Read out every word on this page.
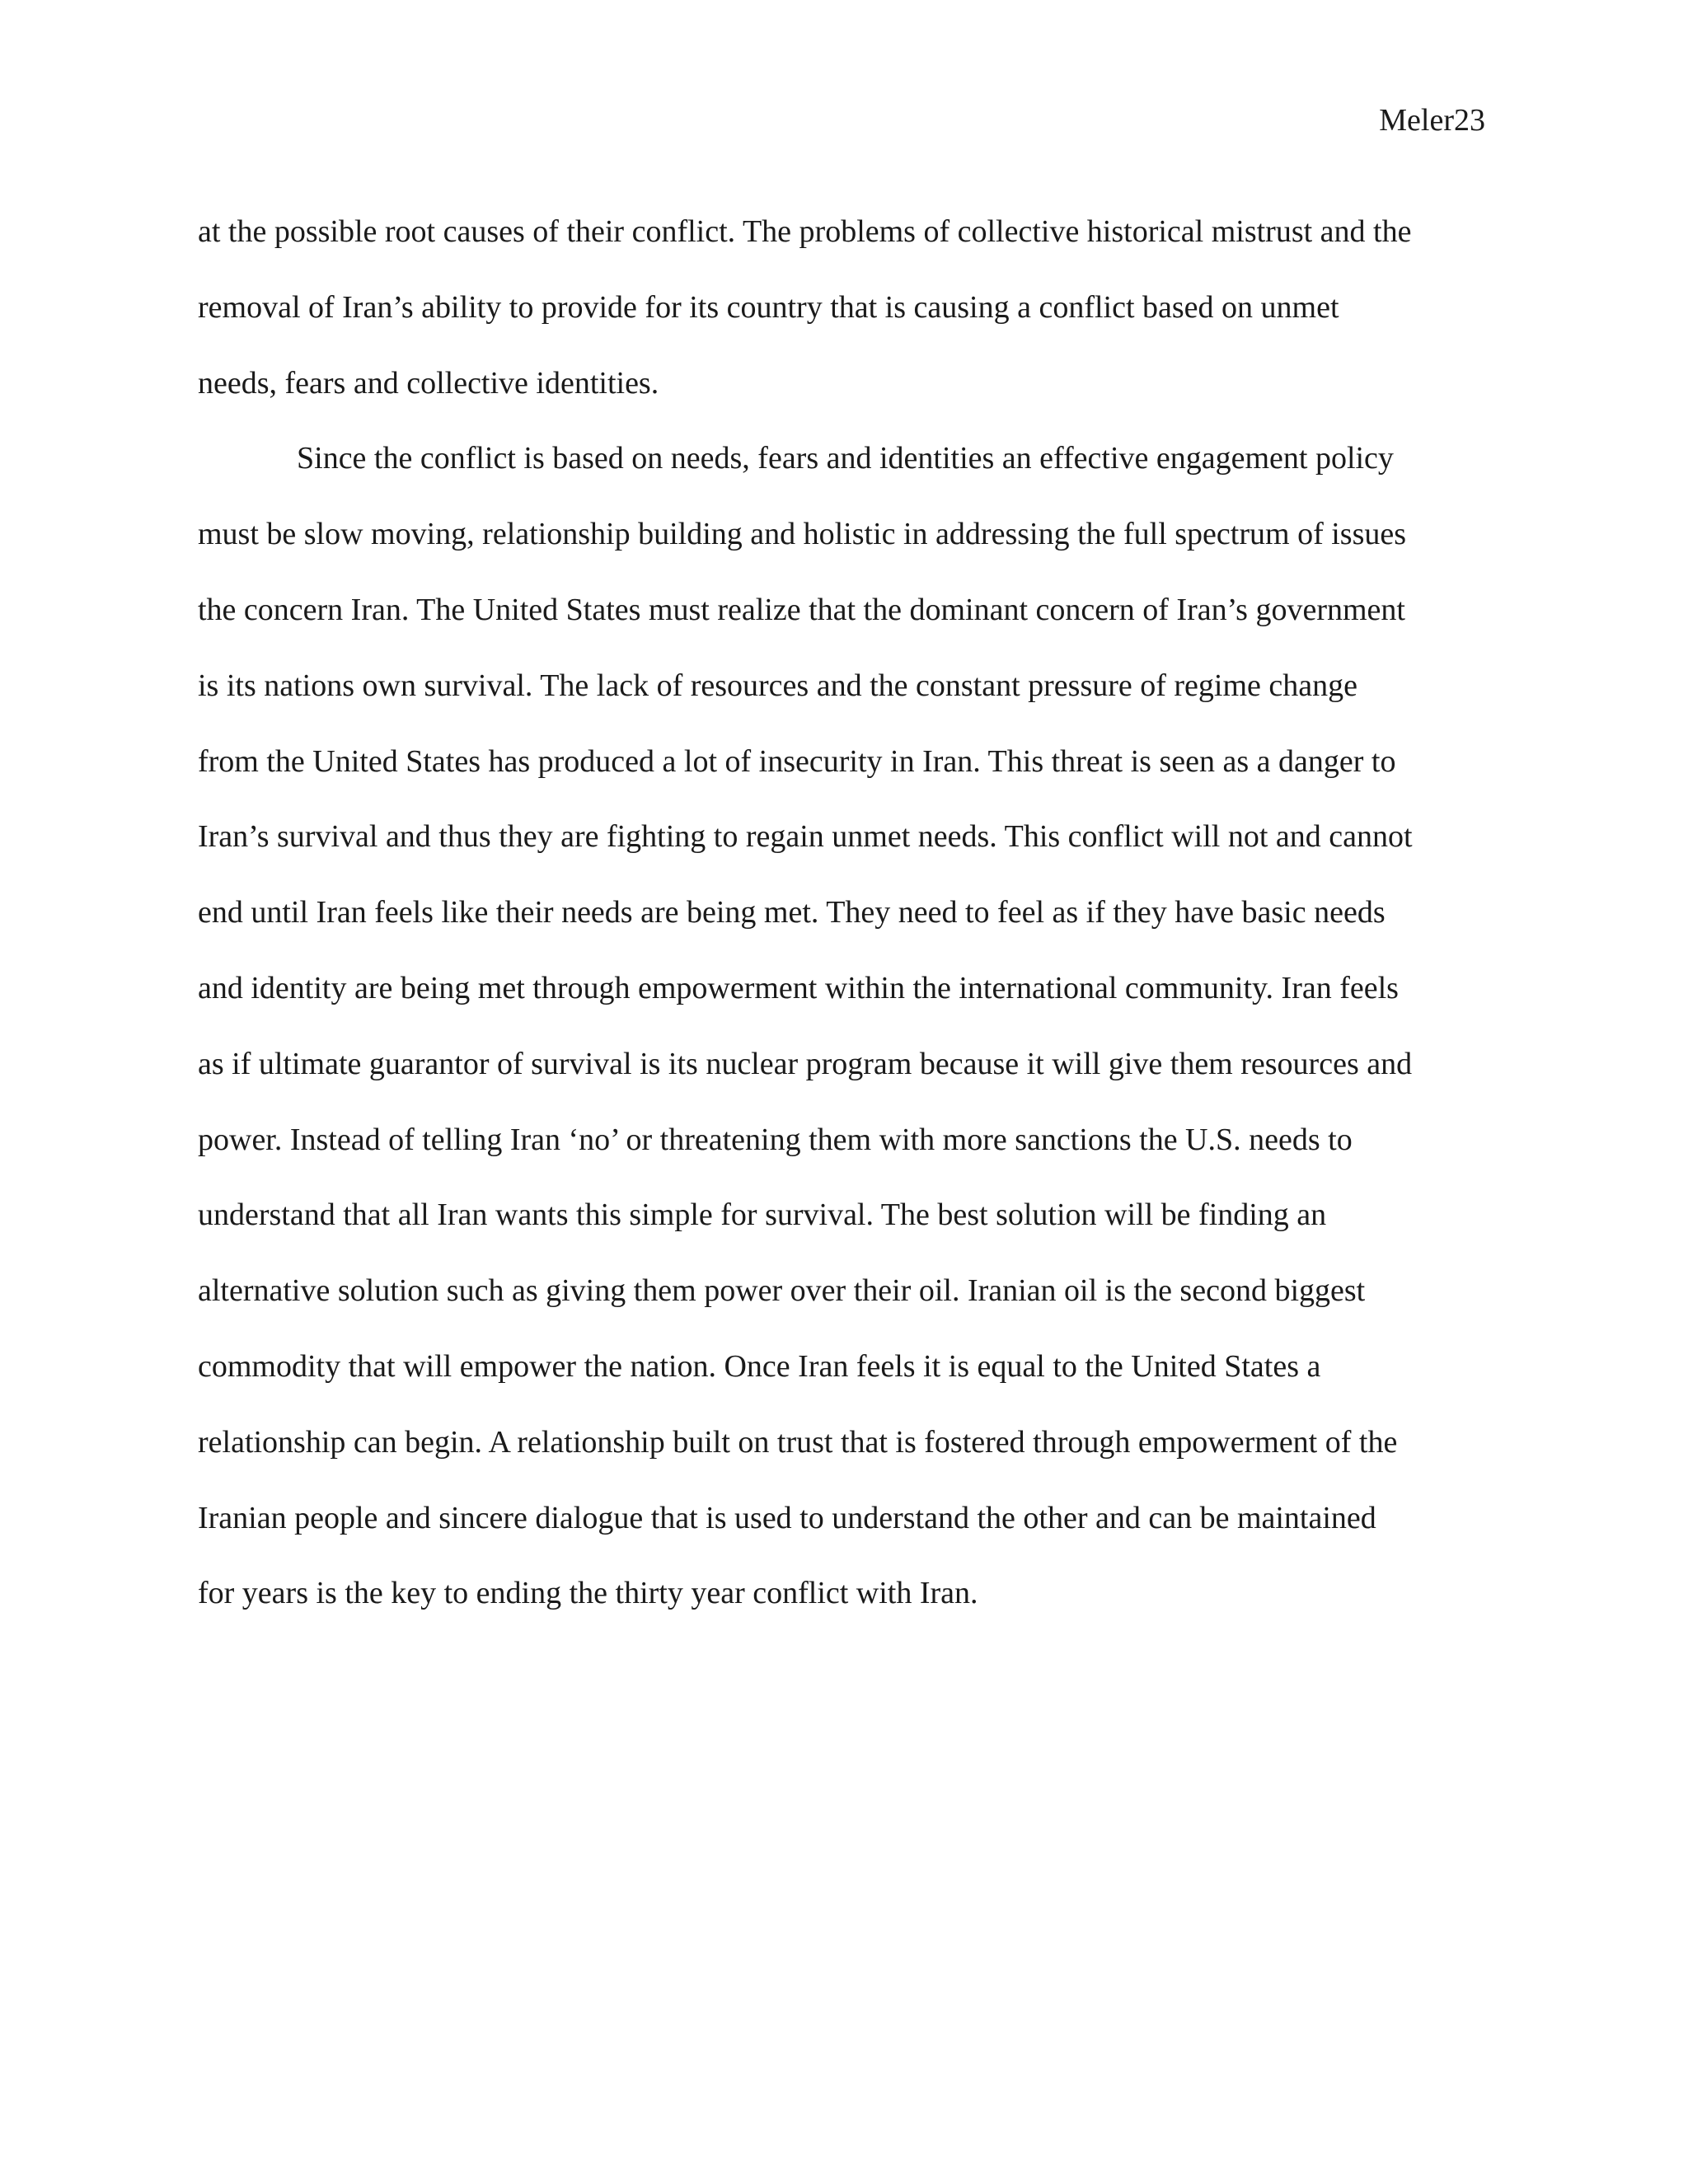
Meler23
at the possible root causes of their conflict. The problems of collective historical mistrust and the
removal of Iran’s ability to provide for its country that is causing a conflict based on unmet
needs, fears and collective identities.
Since the conflict is based on needs, fears and identities an effective engagement policy
must be slow moving, relationship building and holistic in addressing the full spectrum of issues
the concern Iran. The United States must realize that the dominant concern of Iran’s government
is its nations own survival. The lack of resources and the constant pressure of regime change
from the United States has produced a lot of insecurity in Iran. This threat is seen as a danger to
Iran’s survival and thus they are fighting to regain unmet needs. This conflict will not and cannot
end until Iran feels like their needs are being met. They need to feel as if they have basic needs
and identity are being met through empowerment within the international community. Iran feels
as if ultimate guarantor of survival is its nuclear program because it will give them resources and
power. Instead of telling Iran ‘no’ or threatening them with more sanctions the U.S. needs to
understand that all Iran wants this simple for survival. The best solution will be finding an
alternative solution such as giving them power over their oil. Iranian oil is the second biggest
commodity that will empower the nation. Once Iran feels it is equal to the United States a
relationship can begin. A relationship built on trust that is fostered through empowerment of the
Iranian people and sincere dialogue that is used to understand the other and can be maintained
for years is the key to ending the thirty year conflict with Iran.
